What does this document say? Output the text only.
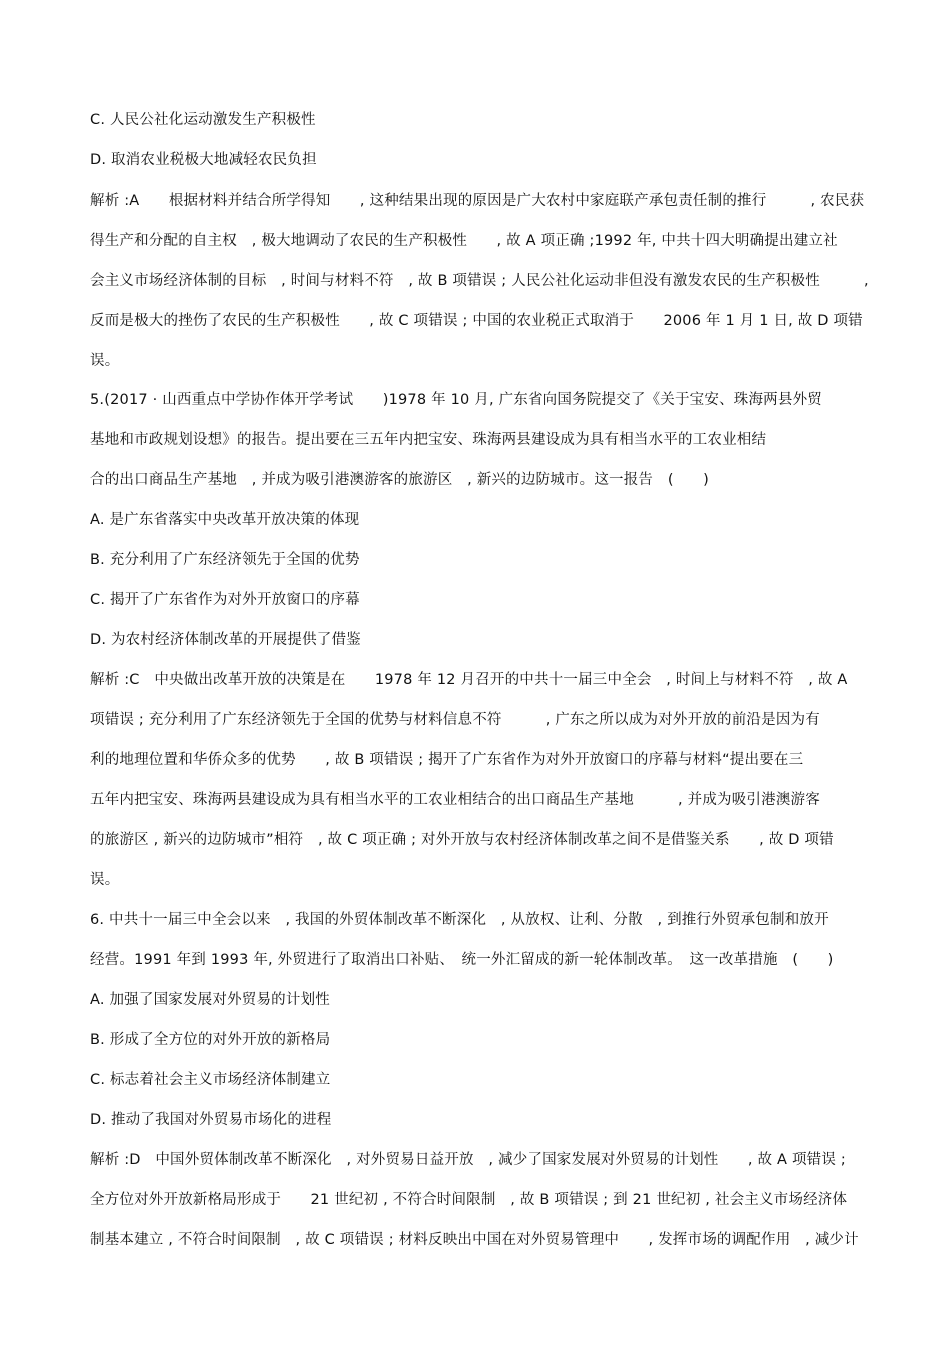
C. 人民公社化运动激发生产积极性
D. 取消农业税极大地减轻农民负担
解析 :A　　根据材料并结合所学得知　　, 这种结果出现的原因是广大农村中家庭联产承包责任制的推行　　　, 农民获
得生产和分配的自主权　, 极大地调动了农民的生产积极性　　, 故 A 项正确 ;1992 年, 中共十四大明确提出建立社
会主义市场经济体制的目标　, 时间与材料不符　, 故 B 项错误 ; 人民公社化运动非但没有激发农民的生产积极性　　　,
反而是极大的挫伤了农民的生产积极性　　, 故 C 项错误 ; 中国的农业税正式取消于　　2006 年 1 月 1 日, 故 D 项错
误。
5.(2017 · 山西重点中学协作体开学考试　　)1978 年 10 月, 广东省向国务院提交了《关于宝安、珠海两县外贸
基地和市政规划设想》的报告。提出要在三五年内把宝安、珠海两县建设成为具有相当水平的工农业相结
合的出口商品生产基地　, 并成为吸引港澳游客的旅游区　, 新兴的边防城市。这一报告　(　　)
A. 是广东省落实中央改革开放决策的体现
B. 充分利用了广东经济领先于全国的优势
C. 揭开了广东省作为对外开放窗口的序幕
D. 为农村经济体制改革的开展提供了借鉴
解析 :C　中央做出改革开放的决策是在　　1978 年 12 月召开的中共十一届三中全会　, 时间上与材料不符　, 故 A
项错误 ; 充分利用了广东经济领先于全国的优势与材料信息不符　　　, 广东之所以成为对外开放的前沿是因为有
利的地理位置和华侨众多的优势　　, 故 B 项错误 ; 揭开了广东省作为对外开放窗口的序幕与材料“提出要在三
五年内把宝安、珠海两县建设成为具有相当水平的工农业相结合的出口商品生产基地　　　, 并成为吸引港澳游客
的旅游区 , 新兴的边防城市”相符　, 故 C 项正确 ; 对外开放与农村经济体制改革之间不是借鉴关系　　, 故 D 项错
误。
6. 中共十一届三中全会以来　, 我国的外贸体制改革不断深化　, 从放权、让利、分散　, 到推行外贸承包制和放开
经营。1991 年到 1993 年, 外贸进行了取消出口补贴、　统一外汇留成的新一轮体制改革。　这一改革措施　(　　)
A. 加强了国家发展对外贸易的计划性
B. 形成了全方位的对外开放的新格局
C. 标志着社会主义市场经济体制建立
D. 推动了我国对外贸易市场化的进程
解析 :D　中国外贸体制改革不断深化　, 对外贸易日益开放　, 减少了国家发展对外贸易的计划性　　, 故 A 项错误 ;
全方位对外开放新格局形成于　　21 世纪初 , 不符合时间限制　, 故 B 项错误 ; 到 21 世纪初 , 社会主义市场经济体
制基本建立 , 不符合时间限制　, 故 C 项错误 ; 材料反映出中国在对外贸易管理中　　, 发挥市场的调配作用　, 减少计
